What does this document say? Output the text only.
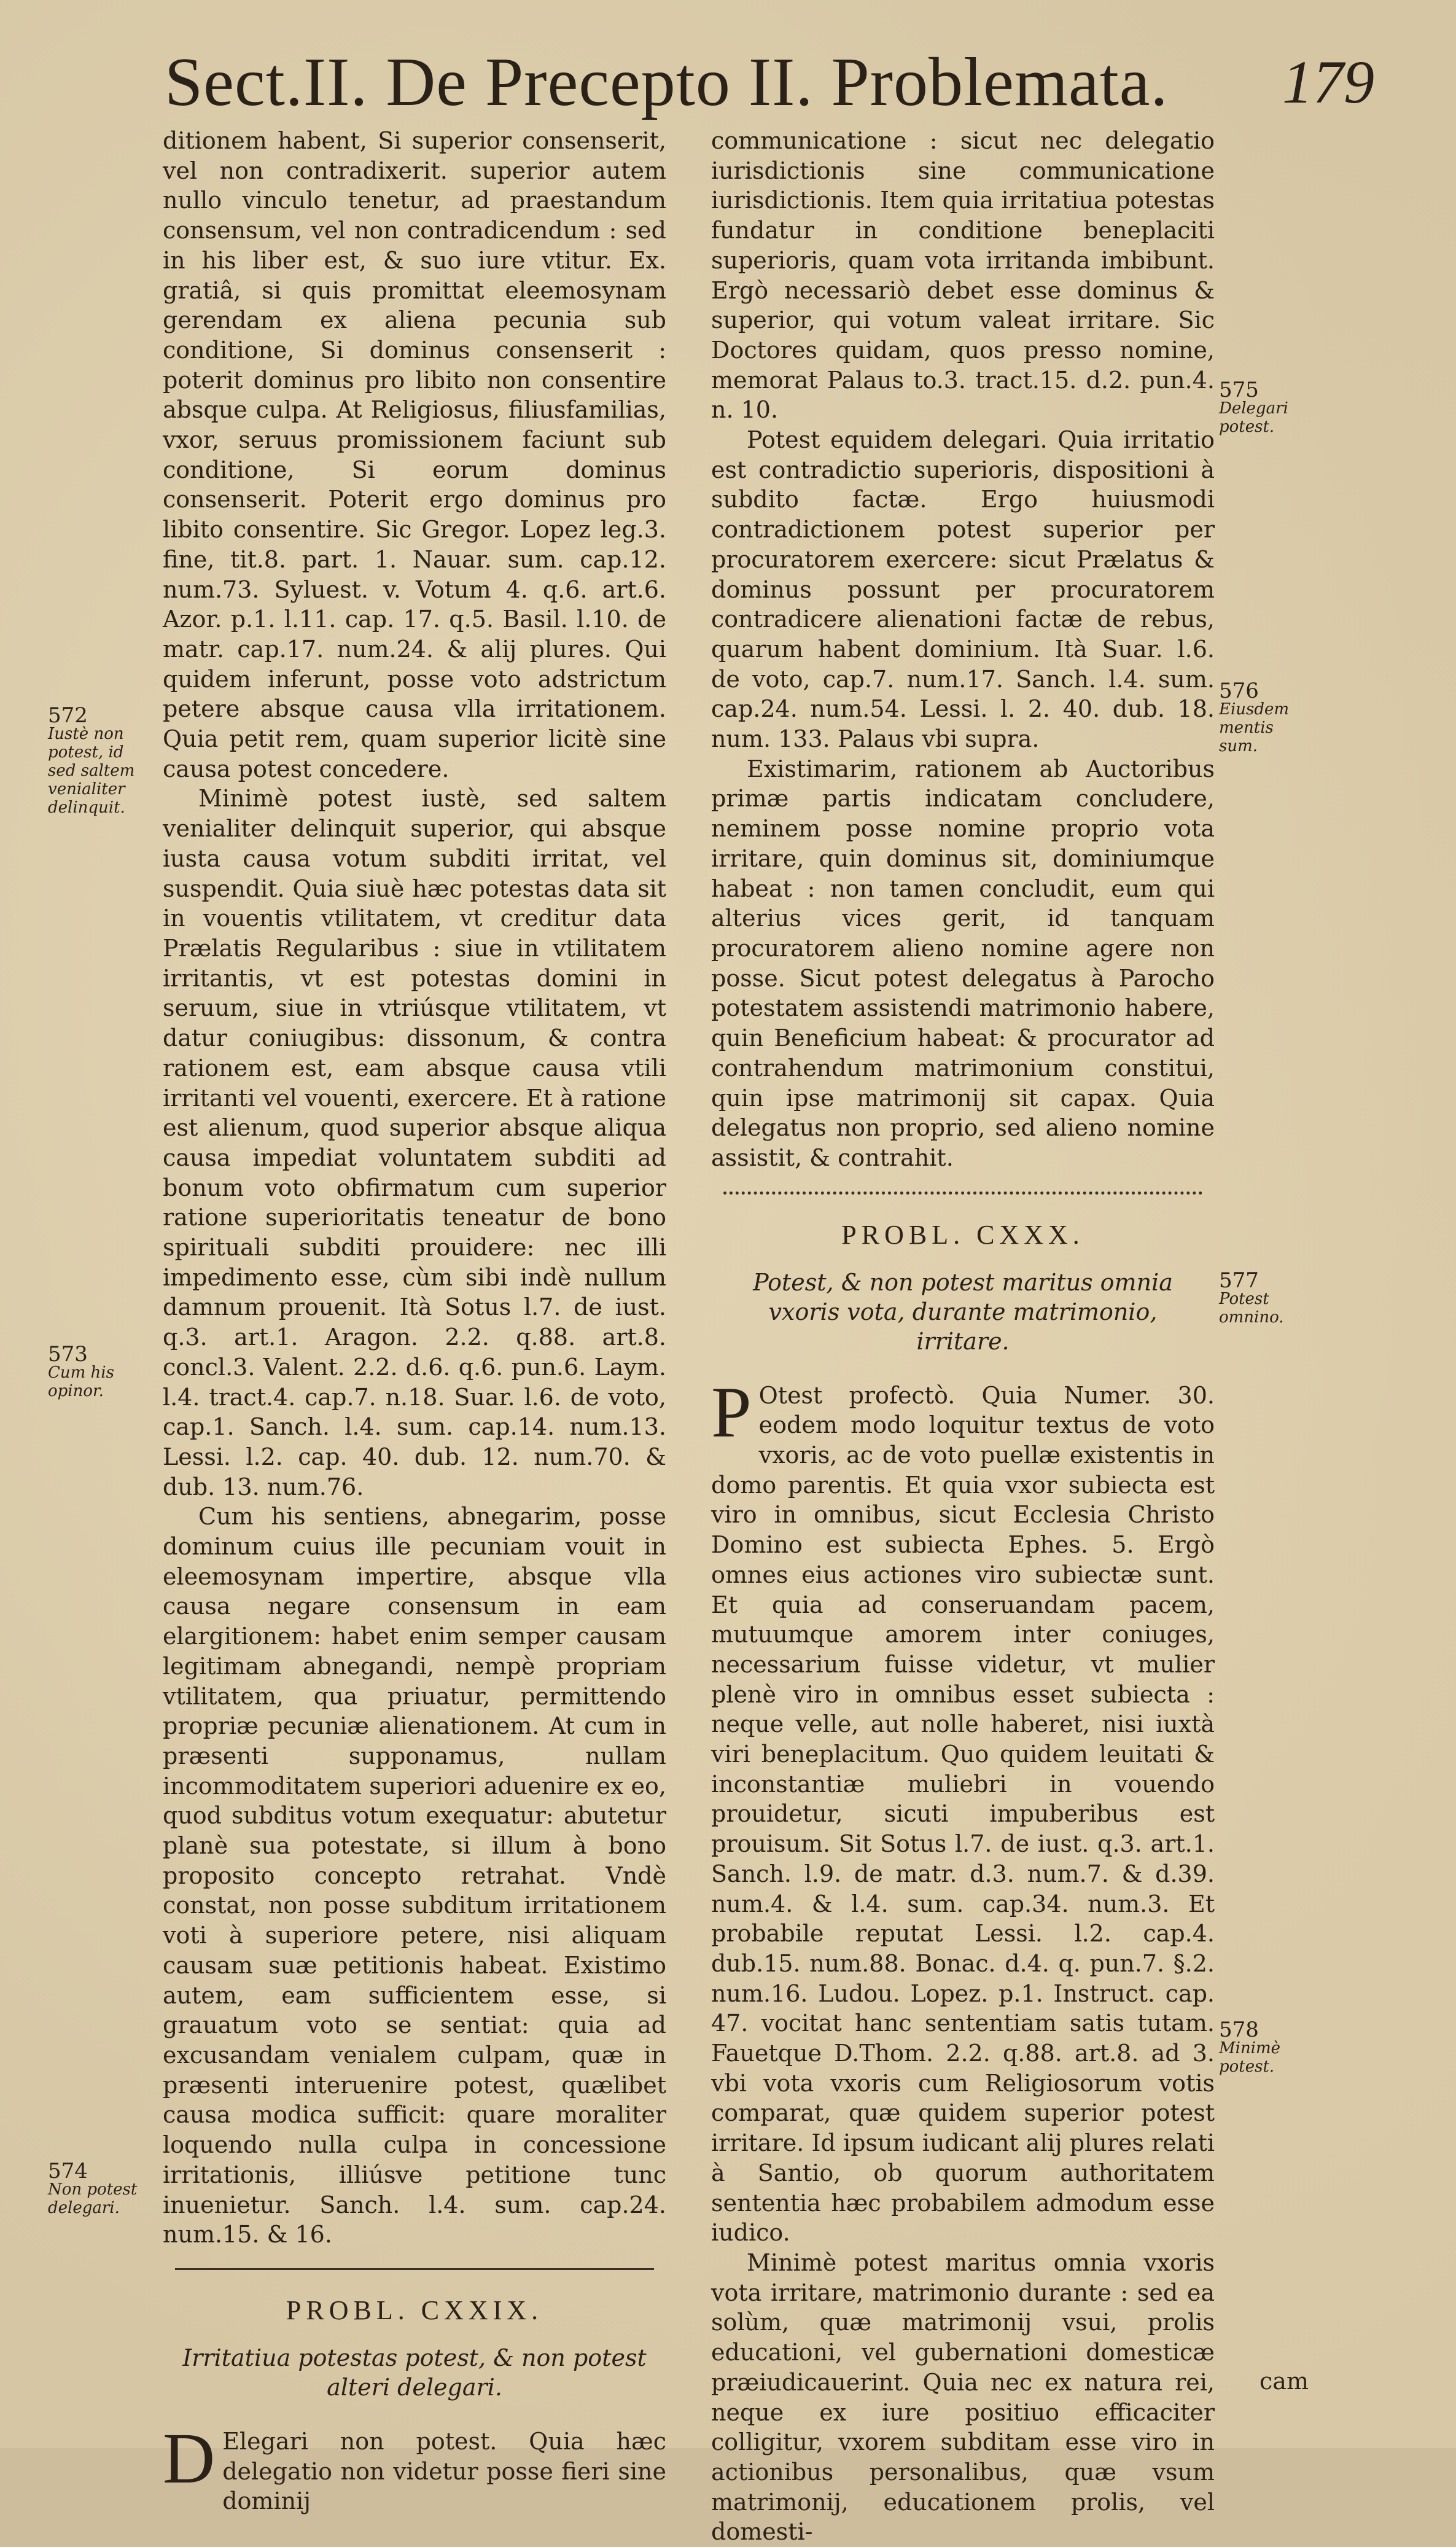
Sect.II. De Precepto II. Problemata. 179

ditionem habent, Si superior consenserit, vel non contradixerit. superior autem nullo vinculo tenetur, ad praestandum consensum, vel non contradicendum : sed in his liber est, & suo iure vtitur. Ex. gratiâ, si quis promittat eleemosynam gerendam ex aliena pecunia sub conditione, Si dominus consenserit : poterit dominus pro libito non consentire absque culpa. At Religiosus, filiusfamilias, vxor, seruus promissionem faciunt sub conditione, Si eorum dominus consenserit. Poterit ergo dominus pro libito consentire. Sic Gregor. Lopez leg.3. fine, tit.8. part. 1. Nauar. sum. cap.12. num.73. Syluest. v. Votum 4. q.6. art.6. Azor. p.1. l.11. cap. 17. q.5. Basil. l.10. de matr. cap.17. num.24. & alij plures. Qui quidem inferunt, posse voto adstrictum petere absque causa vlla irritationem. Quia petit rem, quam superior licitè sine causa potest concedere.

Minimè potest iustè, sed saltem venialiter delinquit superior, qui absque iusta causa votum subditi irritat, vel suspendit. Quia siuè hæc potestas data sit in vouentis vtilitatem, vt creditur data Prælatis Regularibus : siue in vtilitatem irritantis, vt est potestas domini in seruum, siue in vtriúsque vtilitatem, vt datur coniugibus: dissonum, & contra rationem est, eam absque causa vtili irritanti vel vouenti, exercere. Et à ratione est alienum, quod superior absque aliqua causa impediat voluntatem subditi ad bonum voto obfirmatum cum superior ratione superioritatis teneatur de bono spirituali subditi prouidere: nec illi impedimento esse, cùm sibi indè nullum damnum prouenit. Ità Sotus l.7. de iust. q.3. art.1. Aragon. 2.2. q.88. art.8. concl.3. Valent. 2.2. d.6. q.6. pun.6. Laym. l.4. tract.4. cap.7. n.18. Suar. l.6. de voto, cap.1. Sanch. l.4. sum. cap.14. num.13. Lessi. l.2. cap. 40. dub. 12. num.70. & dub. 13. num.76.

Cum his sentiens, abnegarim, posse dominum cuius ille pecuniam vouit in eleemosynam impertire, absque vlla causa negare consensum in eam elargitionem: habet enim semper causam legitimam abnegandi, nempè propriam vtilitatem, qua priuatur, permittendo propriæ pecuniæ alienationem. At cum in præsenti supponamus, nullam incommoditatem superiori aduenire ex eo, quod subditus votum exequatur: abutetur planè sua potestate, si illum à bono proposito concepto retrahat. Vndè constat, non posse subditum irritationem voti à superiore petere, nisi aliquam causam suæ petitionis habeat. Existimo autem, eam sufficientem esse, si grauatum voto se sentiat: quia ad excusandam venialem culpam, quæ in præsenti interuenire potest, quælibet causa modica sufficit: quare moraliter loquendo nulla culpa in concessione irritationis, illiúsve petitione tunc inuenietur. Sanch. l.4. sum. cap.24. num.15. & 16.

PROBL. CXXIX.
Irritatiua potestas potest, & non potest alteri delegari.

D Elegari non potest. Quia hæc delegatio non videtur posse fieri sine dominij

communicatione : sicut nec delegatio iurisdictionis sine communicatione iurisdictionis. Item quia irritatiua potestas fundatur in conditione beneplaciti superioris, quam vota irritanda imbibunt. Ergò necessariò debet esse dominus & superior, qui votum valeat irritare. Sic Doctores quidam, quos presso nomine, memorat Palaus to.3. tract.15. d.2. pun.4. n. 10.

Potest equidem delegari. Quia irritatio est contradictio superioris, dispositioni à subdito factæ. Ergo huiusmodi contradictionem potest superior per procuratorem exercere: sicut Prælatus & dominus possunt per procuratorem contradicere alienationi factæ de rebus, quarum habent dominium. Ità Suar. l.6. de voto, cap.7. num.17. Sanch. l.4. sum. cap.24. num.54. Lessi. l. 2. 40. dub. 18. num. 133. Palaus vbi supra.

Existimarim, rationem ab Auctoribus primæ partis indicatam concludere, neminem posse nomine proprio vota irritare, quin dominus sit, dominiumque habeat : non tamen concludit, eum qui alterius vices gerit, id tanquam procuratorem alieno nomine agere non posse. Sicut potest delegatus à Parocho potestatem assistendi matrimonio habere, quin Beneficium habeat: & procurator ad contrahendum matrimonium constitui, quin ipse matrimonij sit capax. Quia delegatus non proprio, sed alieno nomine assistit, & contrahit.

PROBL. CXXX.
Potest, & non potest maritus omnia vxoris vota, durante matrimonio, irritare.

P Otest profectò. Quia Numer. 30. eodem modo loquitur textus de voto vxoris, ac de voto puellæ existentis in domo parentis. Et quia vxor subiecta est viro in omnibus, sicut Ecclesia Christo Domino est subiecta Ephes. 5. Ergò omnes eius actiones viro subiectæ sunt. Et quia ad conseruandam pacem, mutuumque amorem inter coniuges, necessarium fuisse videtur, vt mulier plenè viro in omnibus esset subiecta : neque velle, aut nolle haberet, nisi iuxtà viri beneplacitum. Quo quidem leuitati & inconstantiæ muliebri in vouendo prouidetur, sicuti impuberibus est prouisum. Sit Sotus l.7. de iust. q.3. art.1. Sanch. l.9. de matr. d.3. num.7. & d.39. num.4. & l.4. sum. cap.34. num.3. Et probabile reputat Lessi. l.2. cap.4. dub.15. num.88. Bonac. d.4. q. pun.7. §.2. num.16. Ludou. Lopez. p.1. Instruct. cap. 47. vocitat hanc sententiam satis tutam. Fauetque D.Thom. 2.2. q.88. art.8. ad 3. vbi vota vxoris cum Religiosorum votis comparat, quæ quidem superior potest irritare. Id ipsum iudicant alij plures relati à Santio, ob quorum authoritatem sententia hæc probabilem admodum esse iudico.

Minimè potest maritus omnia vxoris vota irritare, matrimonio durante : sed ea solùm, quæ matrimonij vsui, prolis educationi, vel gubernationi domesticæ præiudicauerint. Quia nec ex natura rei, neque ex iure positiuo efficaciter colligitur, vxorem subditam esse viro in actionibus personalibus, quæ vsum matrimonij, educationem prolis, vel domesti-

cam
572
Iustè non potest, id sed saltem venialiter delinquit.
573
Cum his opinor.
574
Non potest delegari.
575
Delegari potest.
576
Eiusdem mentis sum.
577
Potest omnino.
578
Minimè potest.
